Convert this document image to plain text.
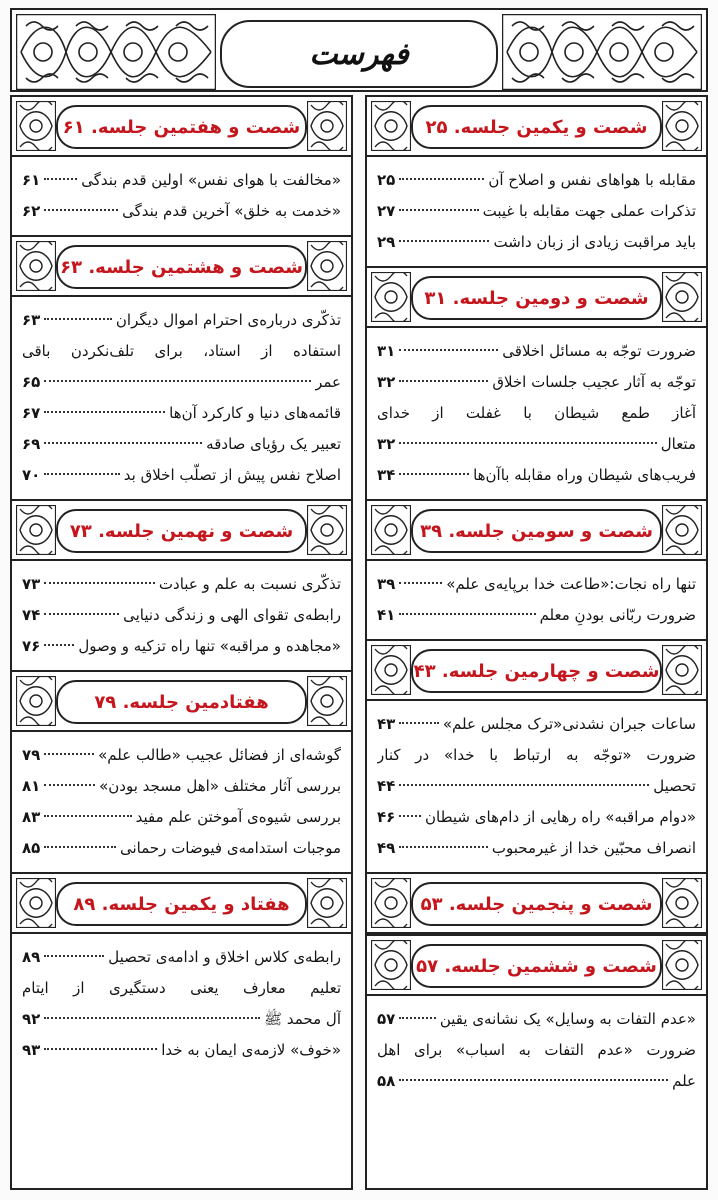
فهرست
شصت و یکمین جلسه. ۲۵
مقابله با هواهای نفس و اصلاح آن
۲۵
تذکرات عملی جهت مقابله با غیبت
۲۷
باید مراقبت زیادی از زبان داشت
۲۹
شصت و دومین جلسه. ۳۱
ضرورت توجّه به مسائل اخلاقی
۳۱
توجّه به آثار عجیب جلسات اخلاق
۳۲
آغاز طمع شیطان با غفلت از خدای
متعال
۳۲
فریب‌های شیطان وراه مقابله باآن‌ها
۳۴
شصت و سومین جلسه. ۳۹
تنها راه نجات:«طاعت خدا برپایه‌ی علم»
۳۹
ضرورت ربّانی بودنِ معلم
۴۱
شصت و چهارمین جلسه. ۴۳
ساعات جبران نشدنی«ترک مجلس علم»
۴۳
ضرورت «توجّه به ارتباط با خدا» در کنار
تحصیل
۴۴
«دوام مراقبه» راه رهایی از دام‌های شیطان
۴۶
انصراف محبّین خدا از غیرمحبوب
۴۹
شصت و پنجمین جلسه. ۵۳
شصت و ششمین جلسه. ۵۷
«عدم التفات به وسایل» یک نشانه‌ی یقین
۵۷
ضرورت «عدم التفات به اسباب» برای اهل
علم
۵۸
شصت و هفتمین جلسه. ۶۱
«مخالفت با هوای نفس» اولین قدم بندگی
۶۱
«خدمت به خلق» آخرین قدم بندگی
۶۲
شصت و هشتمین جلسه. ۶۳
تذکّری درباره‌ی احترام اموال دیگران
۶۳
استفاده از استاد، برای تلف‌نکردن باقی
عمر
۶۵
قائمه‌های دنیا و کارکرد آن‌ها
۶۷
تعبیر یک رؤیای صادقه
۶۹
اصلاح نفس پیش از تصلّب اخلاق بد
۷۰
شصت و نهمین جلسه. ۷۳
تذکّری نسبت به علم و عبادت
۷۳
رابطه‌ی تقوای الهی و زندگی دنیایی
۷۴
«مجاهده و مراقبه» تنها راه تزکیه و وصول
۷۶
هفتادمین جلسه. ۷۹
گوشه‌ای از فضائل عجیب «طالب علم»
۷۹
بررسی آثار مختلف «اهل مسجد بودن»
۸۱
بررسی شیوه‌ی آموختن علم مفید
۸۳
موجبات استدامه‌ی فیوضات رحمانی
۸۵
هفتاد و یکمین جلسه. ۸۹
رابطه‌ی کلاس اخلاق و ادامه‌ی تحصیل
۸۹
تعلیم معارف یعنی دستگیری از ایتام
آل محمد ﷺ
۹۲
«خوف» لازمه‌ی ایمان به خدا
۹۳
